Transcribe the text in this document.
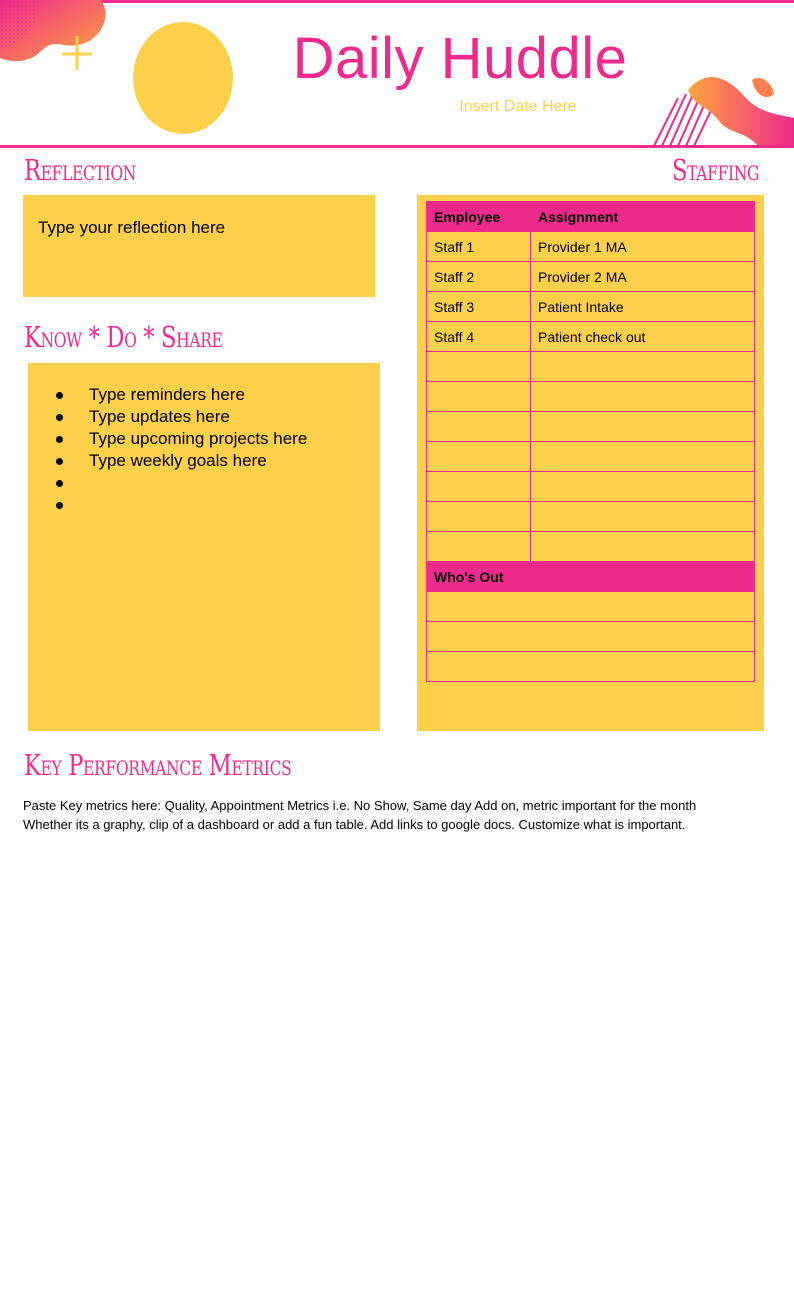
Daily Huddle
Insert Date Here
Reflection
Type your reflection here
Staffing
Employee	Assignment
Staff 1	Provider 1 MA
Staff 2	Provider 2 MA
Staff 3	Patient Intake
Staff 4	Patient check out

Who's Out	

Know * Do * Share
Type reminders here
Type updates here
Type upcoming projects here
Type weekly goals here
Key Performance Metrics
Paste Key metrics here: Quality, Appointment Metrics i.e. No Show, Same day Add on, metric important for the month
Whether its a graphy, clip of a dashboard or add a fun table. Add links to google docs. Customize what is important.
